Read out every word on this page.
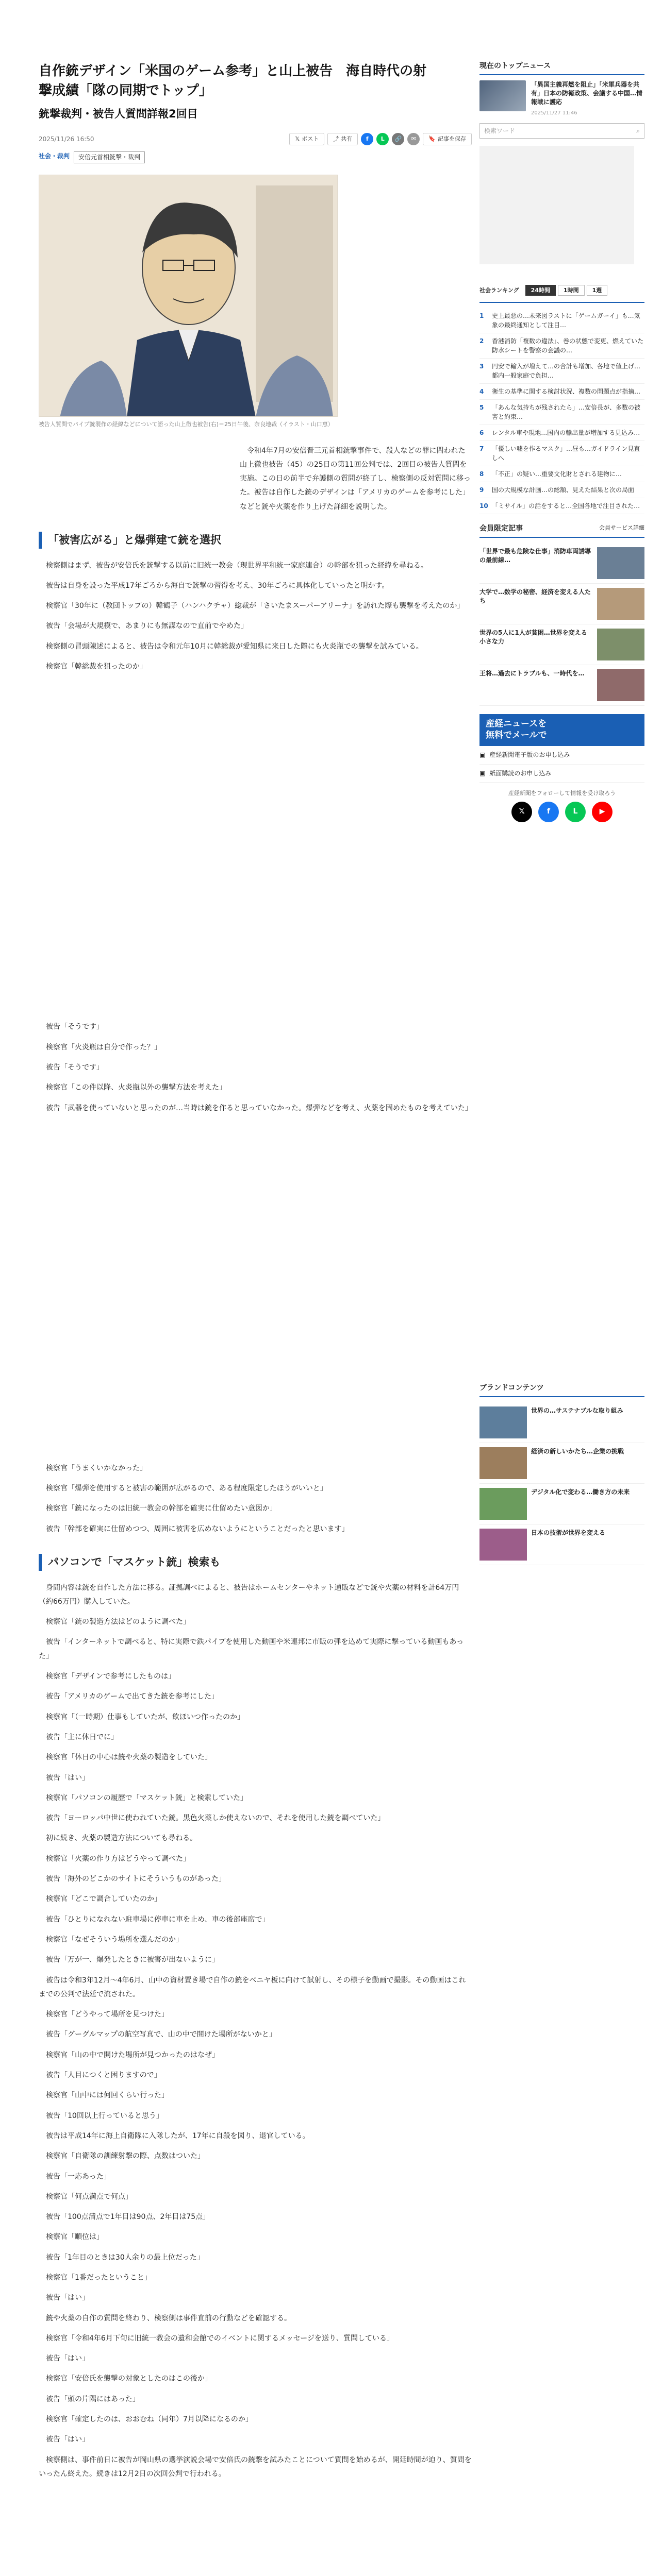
自作銃デザイン「米国のゲーム参考」と山上被告　海自時代の射
撃成績「隊の同期でトップ」
銃撃裁判・被告人質問詳報2回目
2025/11/26 16:50	𝕏 ポスト	⤴ 共有	f	L	🔗	✉	🔖 記事を保存
社会・裁判	安倍元首相銃撃・裁判
被告人質問でパイプ銃製作の経緯などについて語った山上徹也被告(右)＝25日午後、奈良地裁（イラスト・山口恵）

令和4年7月の安倍晋三元首相銃撃事件で、殺人などの罪に問われた山上徹也被告（45）の25日の第11回公判では、2回目の被告人質問を実施。この日の前半で弁護側の質問が終了し、検察側の反対質問に移った。被告は自作した銃のデザインは「アメリカのゲームを参考にした」などと銃や火薬を作り上げた詳細を説明した。

「被害広がる」と爆弾建て銃を選択

検察側はまず、被告が安倍氏を銃撃する以前に旧統一教会（現世界平和統一家庭連合）の幹部を狙った経緯を尋ねる。

被告は自身を設った平成17年ごろから海自で銃撃の習得を考え、30年ごろに具体化していったと明かす。

検察官「30年に（教団トップの）韓鶴子（ハンハクチャ）総裁が「さいたまスーパーアリーナ」を訪れた際も襲撃を考えたのか」

被告「会場が大規模で、あまりにも無謀なので直前でやめた」

検察側の冒頭陳述によると、被告は令和元年10月に韓総裁が愛知県に来日した際にも火炎瓶での襲撃を試みている。

検察官「韓総裁を狙ったのか」

被告「そうです」

検察官「火炎瓶は自分で作った？」

被告「そうです」

検察官「この件以降、火炎瓶以外の襲撃方法を考えた」

被告「武器を使っていないと思ったのが…当時は銃を作ると思っていなかった。爆弾などを考え、火薬を固めたものを考えていた」

検察官「うまくいかなかった」

検察官「爆弾を使用すると被害の範囲が広がるので、ある程度限定したほうがいいと」

検察官「銃になったのは旧統一教会の幹部を確実に仕留めたい意図か」

被告「幹部を確実に仕留めつつ、周囲に被害を広めないようにということだったと思います」

パソコンで「マスケット銃」検索も

身間内容は銃を自作した方法に移る。証拠調べによると、被告はホームセンターやネット通販などで銃や火薬の材料を計64万円（約66万円）購入していた。

検察官「銃の製造方法はどのように調べた」

被告「インターネットで調べると、特に実際で鉄パイプを使用した動画や米連邦に市販の弾を込めて実際に撃っている動画もあった」

検察官「デザインで参考にしたものは」

被告「アメリカのゲームで出てきた銃を参考にした」

検察官「（一時期）仕事もしていたが、飲ほいつ作ったのか」

被告「主に休日でに」

検察官「休日の中心は銃や火薬の製造をしていた」

被告「はい」

検察官「パソコンの履歴で「マスケット銃」と検索していた」

被告「ヨーロッパ中世に使われていた銃。黒色火薬しか使えないので、それを使用した銃を調べていた」

初に続き、火薬の製造方法についても尋ねる。

検察官「火薬の作り方はどうやって調べた」

被告「海外のどこかのサイトにそういうものがあった」

検察官「どこで調合していたのか」

被告「ひとりになれない駐車場に停車に車を止め、車の後部座席で」

検察官「なぜそういう場所を選んだのか」

被告「万が一、爆発したときに被害が出ないように」

被告は令和3年12月～4年6月、山中の資材置き場で自作の銃をベニヤ板に向けて試射し、その様子を動画で撮影。その動画はこれまでの公判で法廷で流された。

検察官「どうやって場所を見つけた」

被告「グーグルマップの航空写真で、山の中で開けた場所がないかと」

検察官「山の中で開けた場所が見つかったのはなぜ」

被告「人目につくと困りますので」

検察官「山中には何回くらい行った」

被告「10回以上行っていると思う」

被告は平成14年に海上自衛隊に入隊したが、17年に自殺を図り、退官している。

検察官「自衛隊の訓練射撃の際、点数はついた」

被告「一応あった」

検察官「何点満点で何点」

被告「100点満点で1年目は90点、2年目は75点」

検察官「順位は」

被告「1年目のときは30人余りの最上位だった」

検察官「1番だったということ」

被告「はい」

銃や火薬の自作の質問を終わり、検察側は事件直前の行動などを確認する。

検察官「令和4年6月下旬に旧統一教会の遺和会館でのイベントに関するメッセージを送り、質問している」

被告「はい」

検察官「安倍氏を襲撃の対象としたのはこの後か」

被告「頭の片隅にはあった」

検察官「確定したのは、おおむね（同年）7月以降になるのか」

被告「はい」

検察側は、事件前日に被告が岡山県の選挙演説会場で安倍氏の銃撃を試みたことについて質問を始めるが、開廷時間が迫り、質問をいったん終えた。続きは12月2日の次回公判で行われる。

現在のトップニュース
「異国主義再燃を阻止」「米軍兵器を共有」日本の防衛政策、会議する中国…情報戦に護応
2025/11/27 11:46
検索ワード	⌕
社会ランキング	24時間	1時間	1週
1	史上最悪の…未来図ラストに「ゲームガーイ」も…気象の最終通知として注目…
2	香港消防「複数の違法」、巻の状態で変更、燃えていた防水シートを警察の会議の…
3	円安で輸入が増えて…の合計も増加、各地で値上げ…都内一般家庭で負担…
4	衛生の基準に関する検討状況、複数の問題点が指摘…
5	「あんな気持ちが残されたら」…安倍長が、多数の被害と約束…
6	レンタル車や現地…国内の輸出量が増加する見込み…
7	「優しい嘘を作るマスク」…昼も…ガイドライン見直しへ
8	「不正」の疑い…重要文化財とされる建物に…
9	国の大規模な計画…の総額、見えた結果と次の局面
10 「ミサイル」の話をすると…全国各地で注目された…
会員限定記事	会員サービス詳細
「世界で最も危険な仕事」消防車両誘導の最前線…
大学で…数学の秘密、経済を変える人たち
世界の5人に1人が貧困…世界を変える小さな力
王将…過去にトラブルも、一時代を…
産経ニュースを
無料でメールで
▣ 産経新聞電子版のお申し込み
▣ 紙面購読のお申し込み
産経新聞をフォローして情報を受け取ろう
𝕏	f	L	▶
ブランドコンテンツ
世界の…サステナブルな取り組み
経済の新しいかたち…企業の挑戦
デジタル化で変わる…働き方の未来
日本の技術が世界を変える
